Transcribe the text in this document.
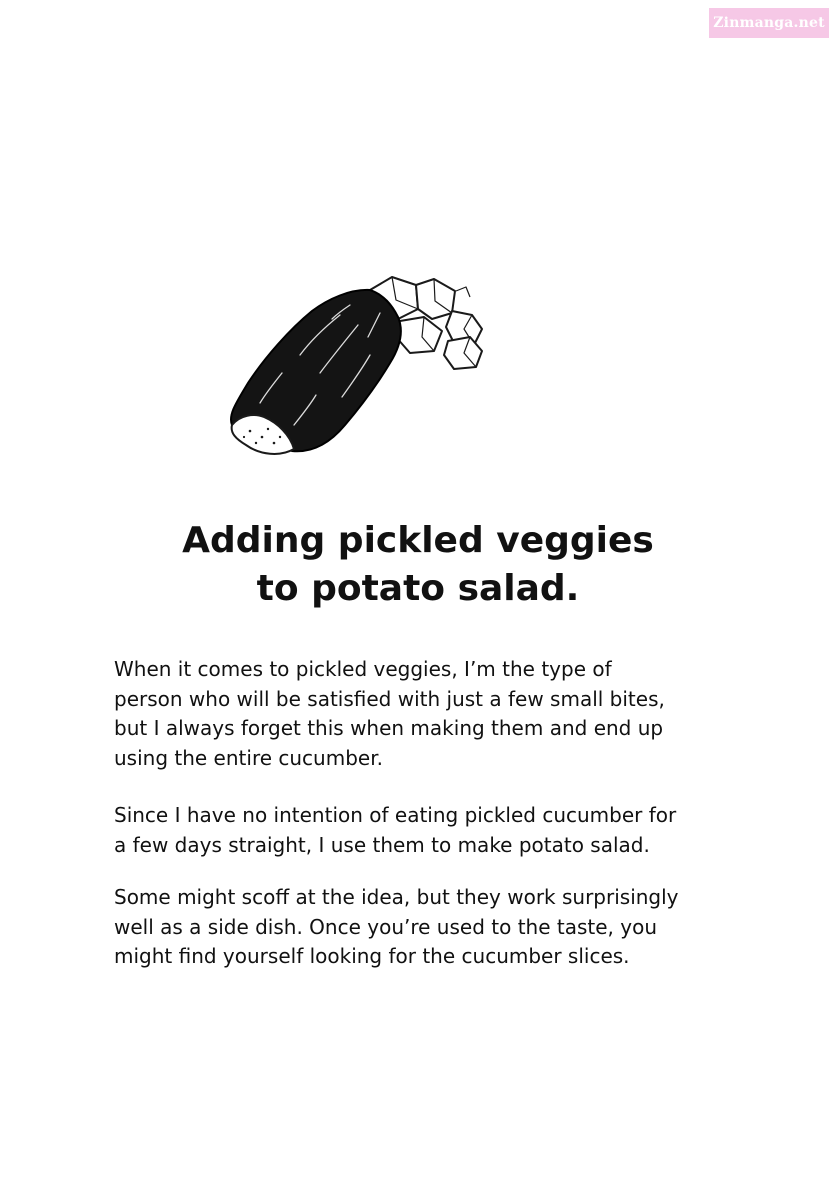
Zinmanga.net
Adding pickled veggies
to potato salad.

When it comes to pickled veggies, I’m the type of
person who will be satisfied with just a few small bites,
but I always forget this when making them and end up
using the entire cucumber.

Since I have no intention of eating pickled cucumber for
a few days straight, I use them to make potato salad.

Some might scoff at the idea, but they work surprisingly
well as a side dish. Once you’re used to the taste, you
might find yourself looking for the cucumber slices.
